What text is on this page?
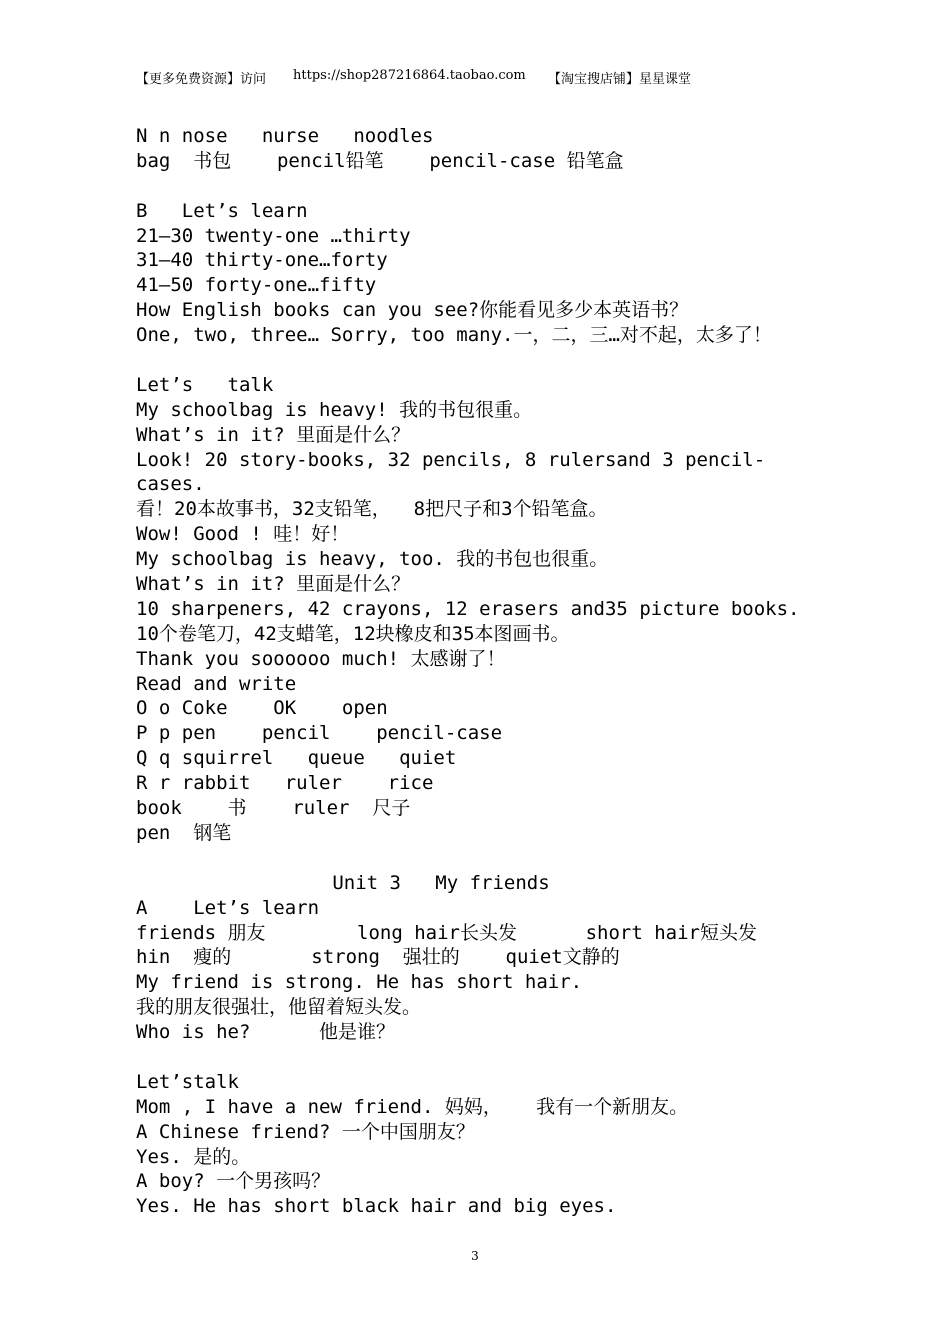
【更多免费资源】访问 https://shop287216864.taobao.com 【淘宝搜店铺】星星课堂
N n nose   nurse   noodles
bag  书包    pencil铅笔    pencil-case 铅笔盒
B   Let’s learn
21—30 twenty-one …thirty
31—40 thirty-one…forty
41—50 forty-one…fifty
How English books can you see?你能看见多少本英语书？
One, two, three… Sorry, too many.一，二，三…对不起，太多了！
Let’s   talk
My schoolbag is heavy! 我的书包很重。
What’s in it? 里面是什么？
Look! 20 story-books, 32 pencils, 8 rulersand 3 pencil-
cases.
看！20本故事书，32支铅笔，  8把尺子和3个铅笔盒。
Wow! Good ! 哇！好！
My schoolbag is heavy, too. 我的书包也很重。
What’s in it? 里面是什么？
10 sharpeners, 42 crayons, 12 erasers and35 picture books.
10个卷笔刀，42支蜡笔，12块橡皮和35本图画书。
Thank you soooooo much! 太感谢了！
Read and write
O o Coke    OK    open
P p pen    pencil    pencil-case
Q q squirrel   queue   quiet
R r rabbit   ruler    rice
book    书    ruler  尺子
pen  钢笔
Unit 3   My friends
A    Let’s learn
friends 朋友        long hair长头发      short hair短头发
hin  瘦的       strong  强壮的    quiet文静的
My friend is strong. He has short hair.
我的朋友很强壮，他留着短头发。
Who is he?      他是谁？
Let’stalk
Mom , I have a new friend. 妈妈，   我有一个新朋友。
A Chinese friend? 一个中国朋友？
Yes. 是的。
A boy? 一个男孩吗？
Yes. He has short black hair and big eyes.
3
